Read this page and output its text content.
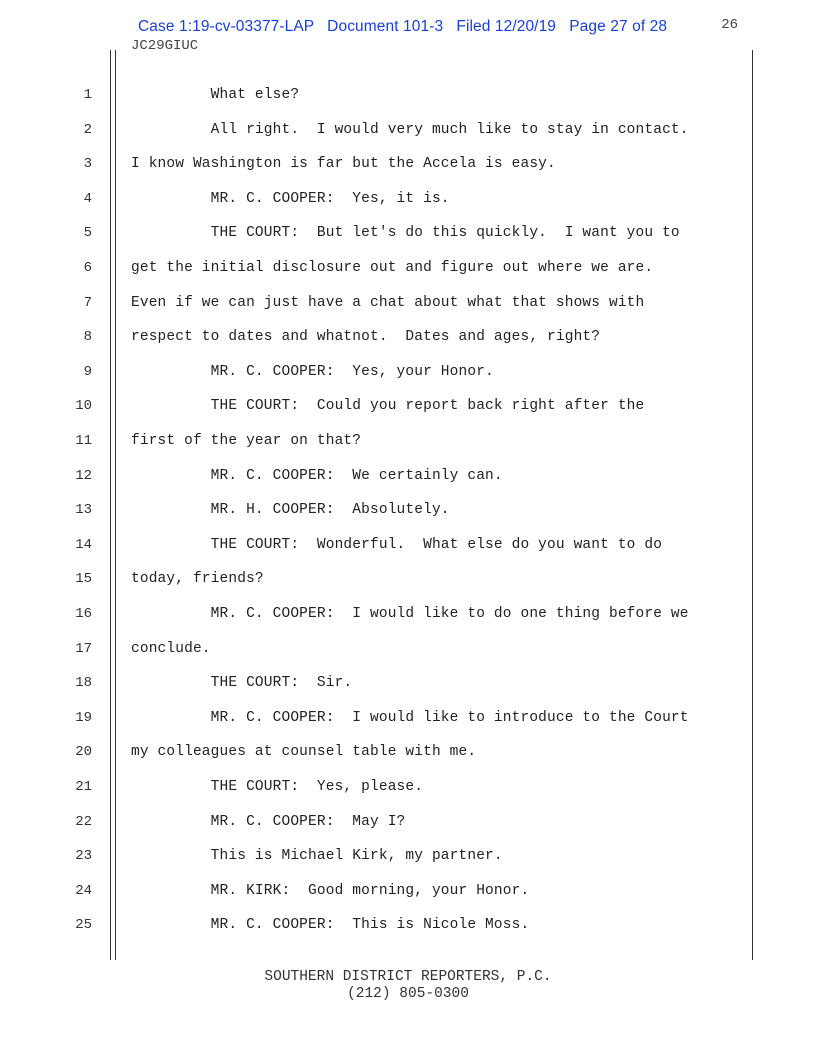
Case 1:19-cv-03377-LAP   Document 101-3   Filed 12/20/19   Page 27 of 28	26
JC29GIUC
1	What else?
2	All right.  I would very much like to stay in contact.
3	I know Washington is far but the Accela is easy.
4	MR. C. COOPER:  Yes, it is.
5	THE COURT:  But let's do this quickly.  I want you to
6	get the initial disclosure out and figure out where we are.
7	Even if we can just have a chat about what that shows with
8	respect to dates and whatnot.  Dates and ages, right?
9	MR. C. COOPER:  Yes, your Honor.
10	THE COURT:  Could you report back right after the
11	first of the year on that?
12	MR. C. COOPER:  We certainly can.
13	MR. H. COOPER:  Absolutely.
14	THE COURT:  Wonderful.  What else do you want to do
15	today, friends?
16	MR. C. COOPER:  I would like to do one thing before we
17	conclude.
18	THE COURT:  Sir.
19	MR. C. COOPER:  I would like to introduce to the Court
20	my colleagues at counsel table with me.
21	THE COURT:  Yes, please.
22	MR. C. COOPER:  May I?
23	This is Michael Kirk, my partner.
24	MR. KIRK:  Good morning, your Honor.
25	MR. C. COOPER:  This is Nicole Moss.
SOUTHERN DISTRICT REPORTERS, P.C.
(212) 805-0300
